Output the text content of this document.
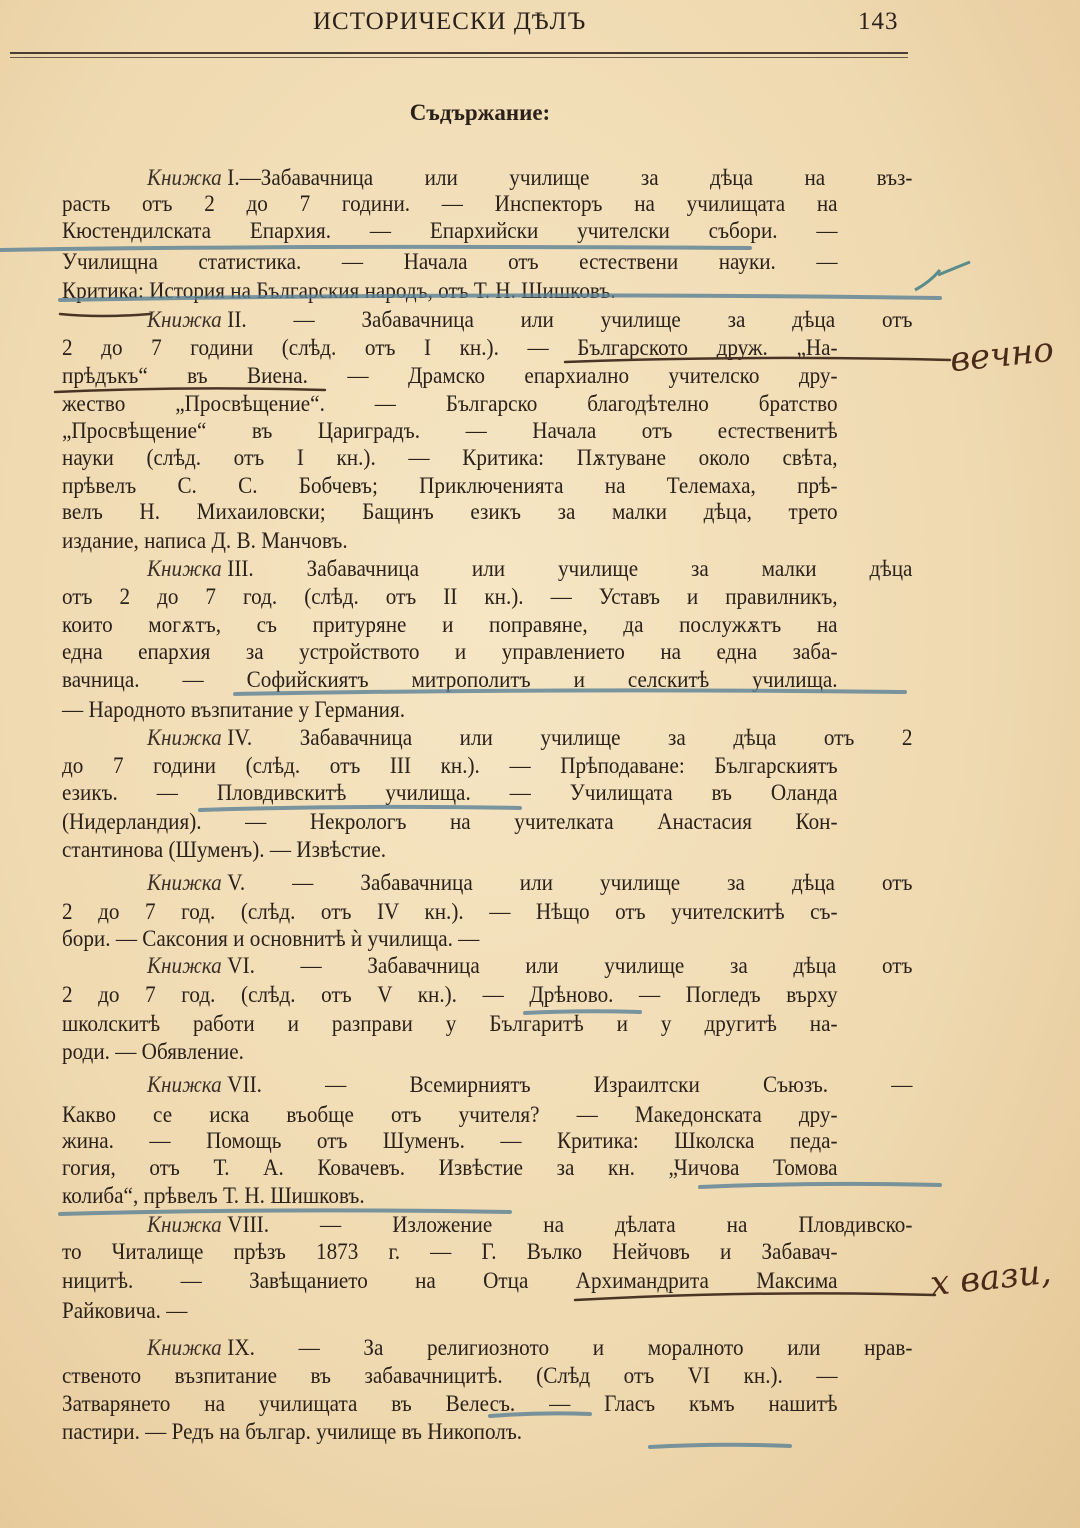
ИСТОРИЧЕСКИ ДѢЛЪ	143
Съдържание:
Книжка I.—Забавачница или училище за дѣца на въз-
расть отъ 2 до 7 години. — Инспекторъ на училищата на
Кюстендилската Епархия. — Епархийски учителски събори. —
Училищна статистика. — Начала отъ естествени науки. —
Критика: История на Българския народъ, отъ Т. Н. Шишковъ.
Книжка II. — Забавачница или училище за дѣца отъ
2 до 7 години (слѣд. отъ I кн.). — Българското друж. „На-
прѣдъкъ“ въ Виена. — Драмско епархиално учителско дру-
жество „Просвѣщение“. — Българско благодѣтелно братство
„Просвѣщение“ въ Цариградъ. — Начала отъ естественитѣ
науки (слѣд. отъ I кн.). — Критика: Пѫтуване около свѣта,
прѣвелъ С. С. Бобчевъ; Приключенията на Телемаха, прѣ-
велъ Н. Михаиловски; Бащинъ езикъ за малки дѣца, трето
издание, написа Д. В. Манчовъ.
Книжка III. Забавачница или училище за малки дѣца
отъ 2 до 7 год. (слѣд. отъ II кн.). — Уставъ и правилникъ,
които могѫтъ, съ притуряне и поправяне, да послужѫтъ на
една епархия за устройството и управлението на една заба-
вачница. — Софийскиятъ митрополитъ и селскитѣ училища.
— Народното възпитание у Германия.
Книжка IV. Забавачница или училище за дѣца отъ 2
до 7 години (слѣд. отъ III кн.). — Прѣподаване: Българскиятъ
езикъ. — Пловдивскитѣ училища. — Училищата въ Оланда
(Нидерландия). — Некрологъ на учителката Анастасия Кон-
стантинова (Шуменъ). — Извѣстие.
Книжка V. — Забавачница или училище за дѣца отъ
2 до 7 год. (слѣд. отъ IV кн.). — Нѣщо отъ учителскитѣ съ-
бори. — Саксония и основнитѣ ѝ училища. —
Книжка VI. — Забавачница или училище за дѣца отъ
2 до 7 год. (слѣд. отъ V кн.). — Дрѣново. — Погледъ върху
школскитѣ работи и разправи у Българитѣ и у другитѣ на-
роди. — Обявление.
Книжка VII. — Всемирниятъ Израилтски Съюзъ. —
Какво се иска въобще отъ учителя? — Македонската дру-
жина. — Помощь отъ Шуменъ. — Критика: Школска педа-
гогия, отъ Т. А. Ковачевъ. Извѣстие за кн. „Чичова Томова
колиба“, прѣвелъ Т. Н. Шишковъ.
Книжка VIII. — Изложение на дѣлата на Пловдивско-
то Читалище прѣзъ 1873 г. — Г. Вълко Нейчовъ и Забавач-
ницитѣ. — Завѣщанието на Отца Архимандрита Максима
Райковича. —
Книжка IX. — За религиозното и моралното или нрав-
ственото възпитание въ забавачницитѣ. (Слѣд отъ VI кн.). —
Затварянето на училищата въ Велесъ. — Гласъ къмъ нашитѣ
пастири. — Редъ на българ. училище въ Никополъ.
вечно
х вази,
